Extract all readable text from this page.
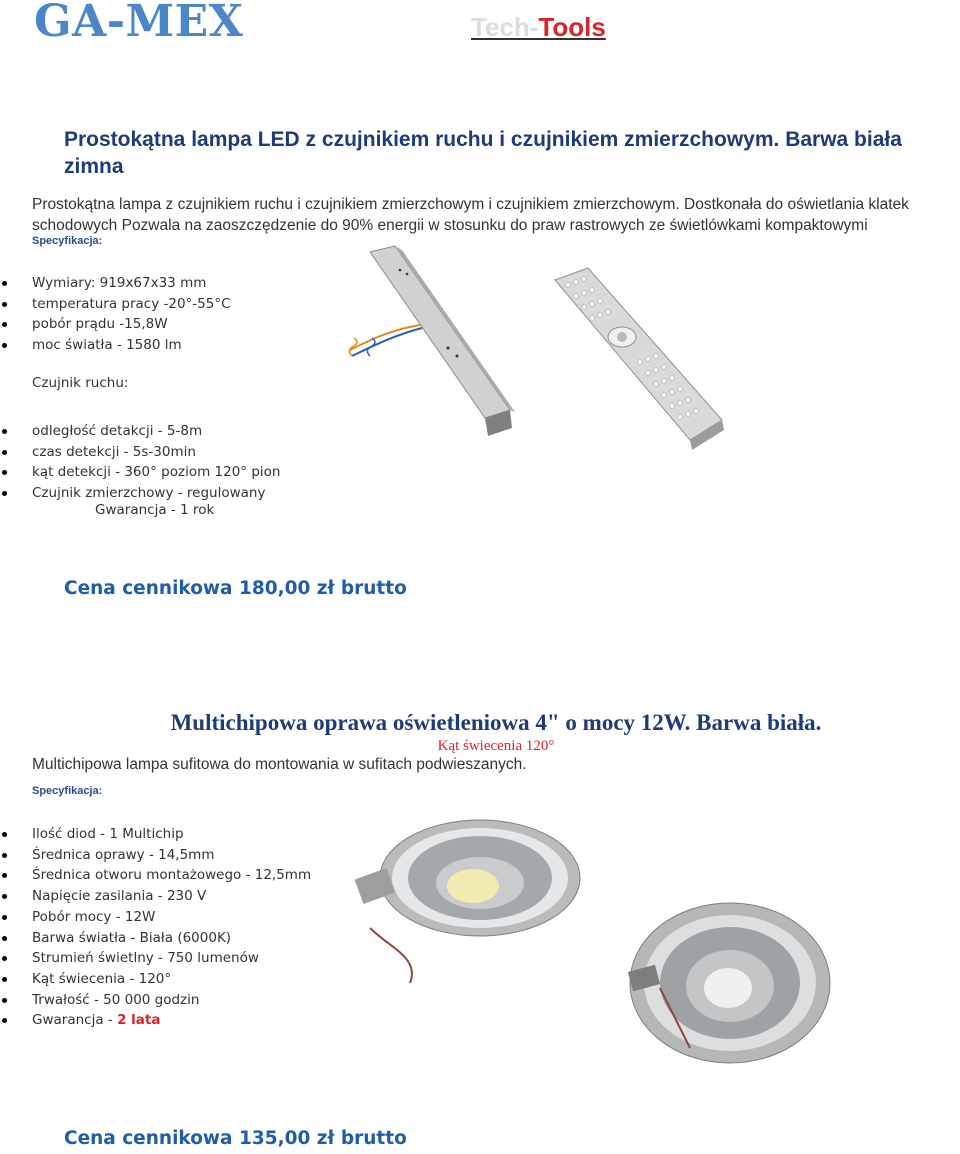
GA-MEX	Tech-Tools
Prostokątna lampa LED z czujnikiem ruchu i czujnikiem zmierzchowym. Barwa biała zimna
Prostokątna lampa z czujnikiem ruchu i czujnikiem zmierzchowym i czujnikiem zmierzchowym. Dostkonała do oświetlania klatek schodowych Pozwala na zaoszczędzenie do 90% energii w stosunku do praw rastrowych ze świetlówkami kompaktowymi
Specyfikacja:
Wymiary: 919x67x33 mm
temperatura pracy -20°-55°C
pobór prądu -15,8W
moc światła - 1580 lm
Czujnik ruchu:
odległość detakcji - 5-8m
czas detekcji - 5s-30min
kąt detekcji - 360° poziom 120° pion
Czujnik zmierzchowy - regulowany
Gwarancja - 1 rok
Cena cennikowa 180,00 zł brutto
Multichipowa oprawa oświetleniowa 4" o mocy 12W. Barwa biała.
Kąt świecenia 120°
Multichipowa lampa sufitowa do montowania w sufitach podwieszanych.
Specyfikacja:
Ilość diod - 1 Multichip
Średnica oprawy - 14,5mm
Średnica otworu montażowego - 12,5mm
Napięcie zasilania - 230 V
Pobór mocy - 12W
Barwa światła - Biała (6000K)
Strumień świetlny - 750 lumenów
Kąt świecenia - 120°
Trwałość - 50 000 godzin
Gwarancja - 2 lata
Cena cennikowa 135,00 zł brutto
